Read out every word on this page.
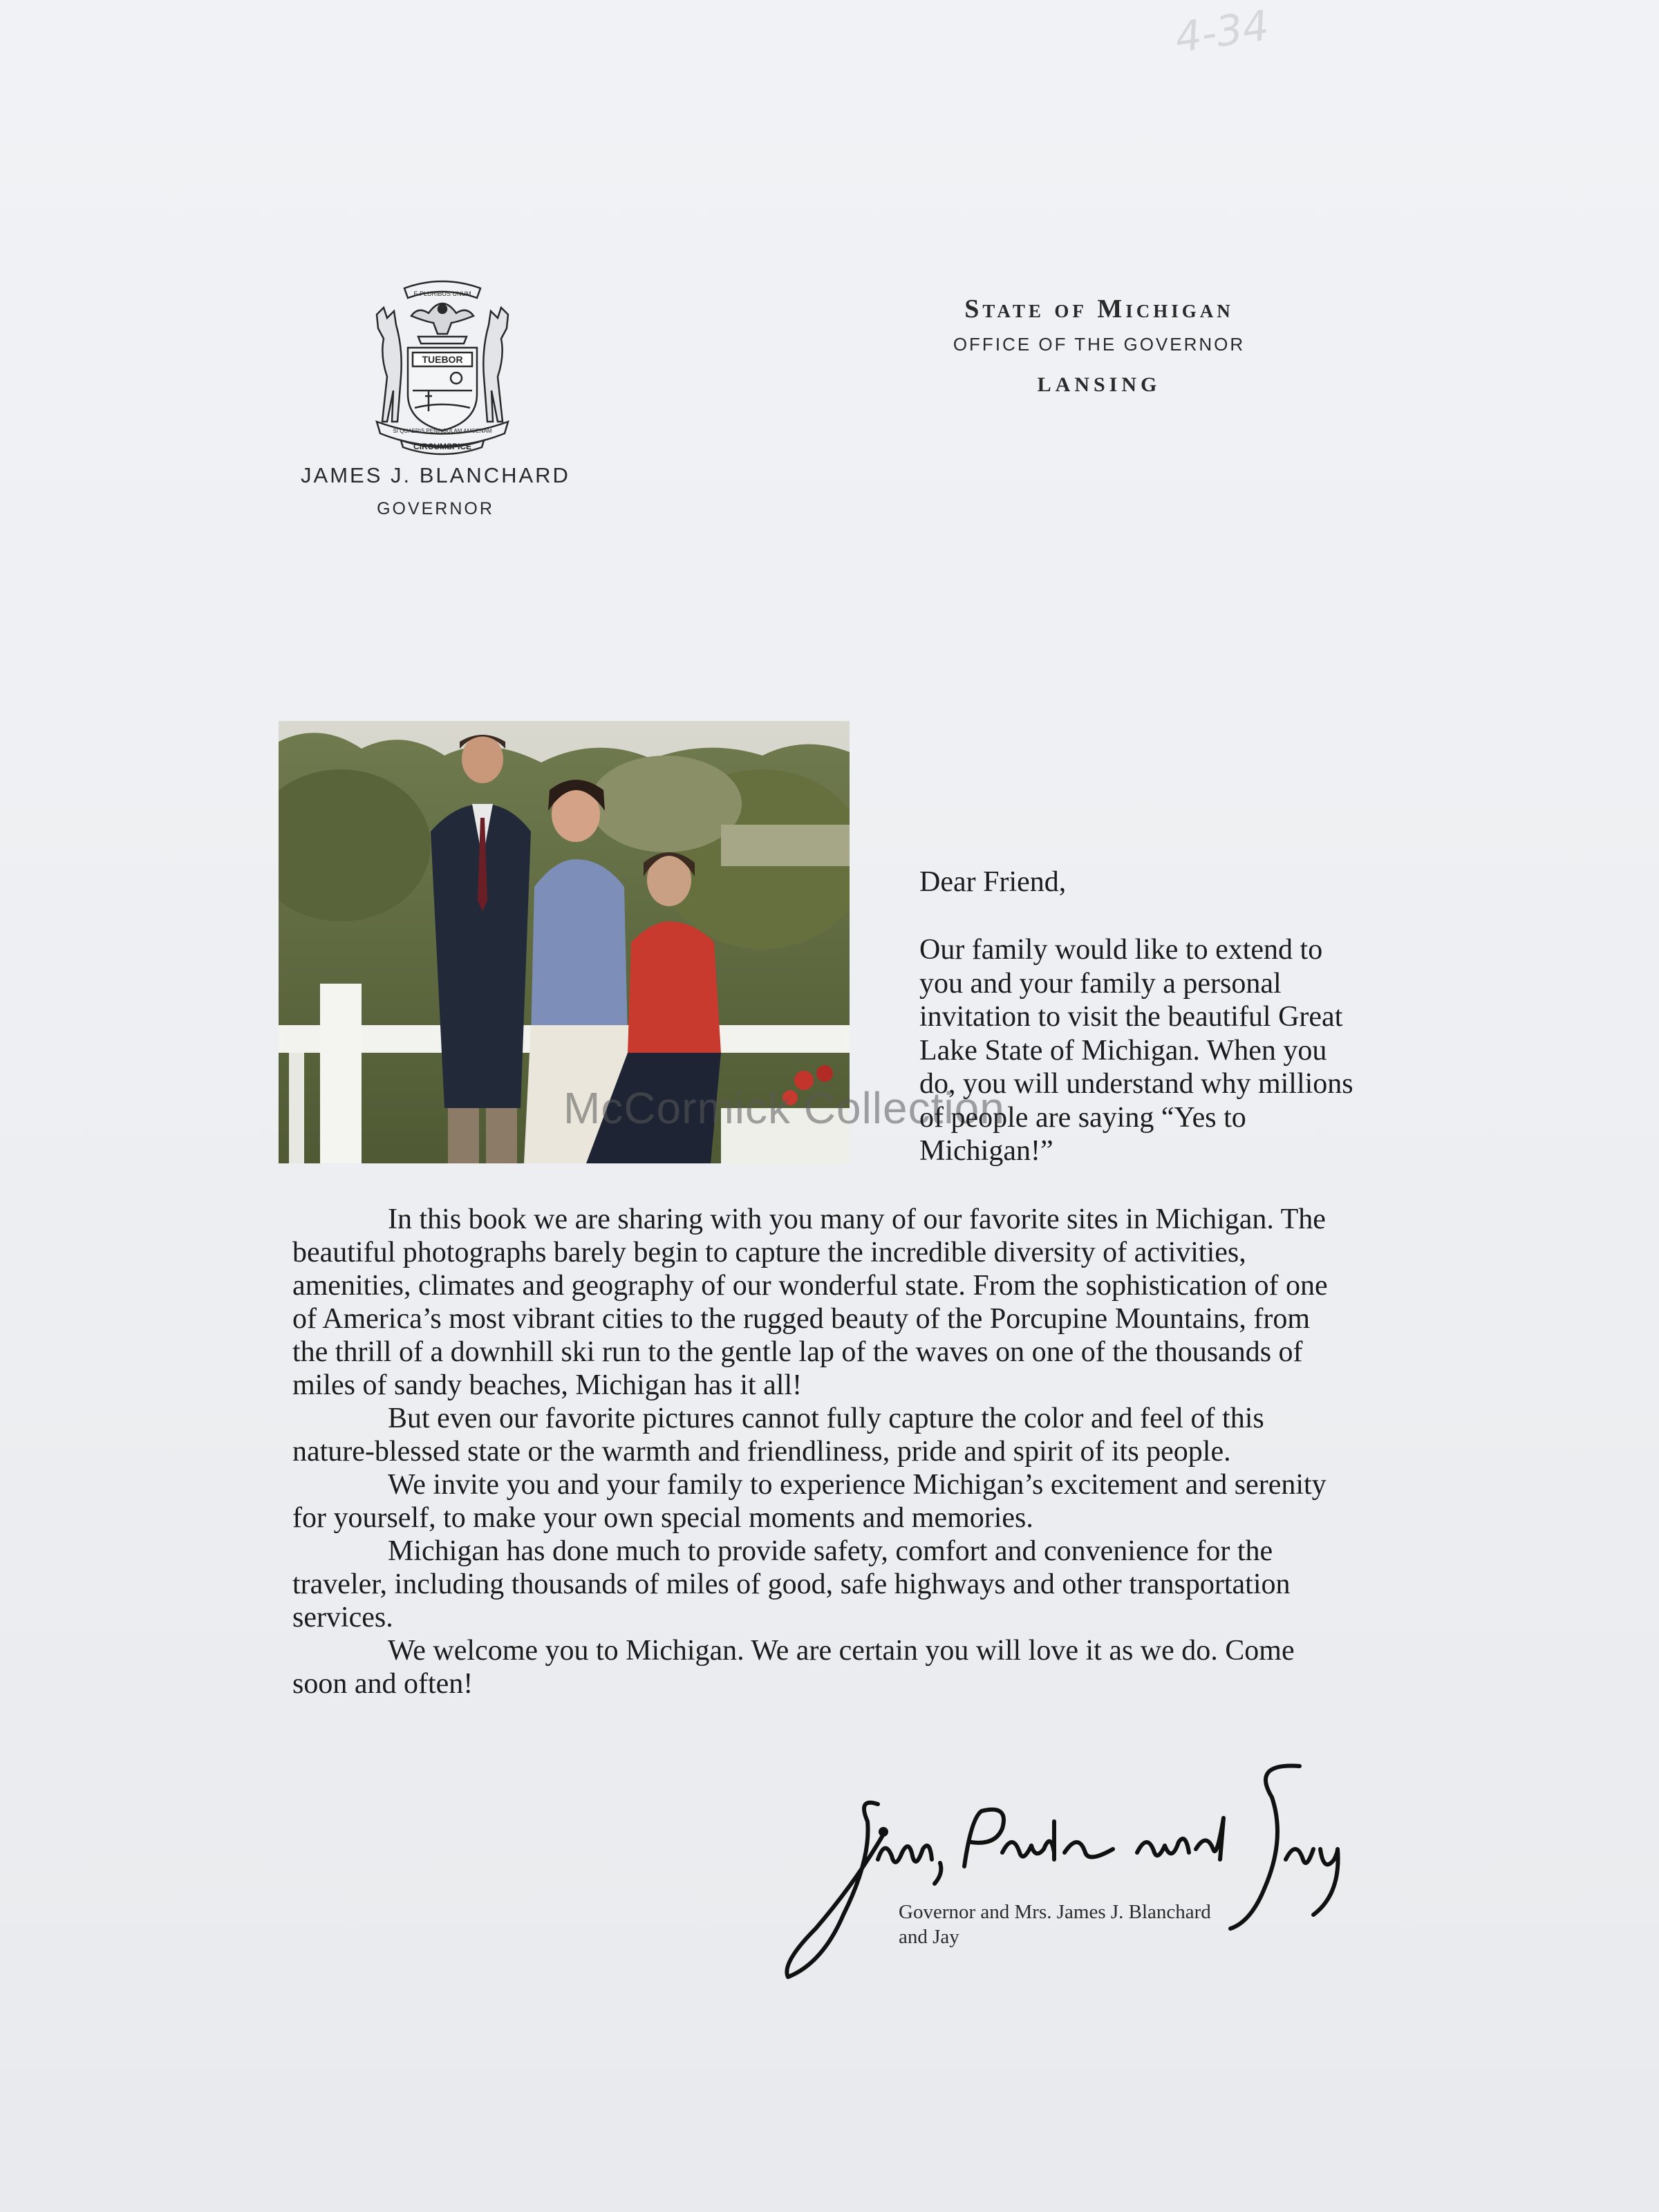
4-34
E PLURIBUS UNUM
TUEBOR
SI QUAERIS PENINSULAM AMOENAM
CIRCUMSPICE
JAMES J. BLANCHARD
GOVERNOR
State of Michigan
OFFICE OF THE GOVERNOR
LANSING
McCormick Collection
Dear Friend,
Our family would like to extend to you and your family a personal invitation to visit the beautiful Great Lake State of Michigan. When you do, you will understand why millions of people are saying “Yes to Michigan!”

In this book we are sharing with you many of our favorite sites in Michigan. The beautiful photographs barely begin to capture the incredible diversity of activities, amenities, climates and geography of our wonderful state. From the sophistication of one of America’s most vibrant cities to the rugged beauty of the Porcupine Mountains, from the thrill of a downhill ski run to the gentle lap of the waves on one of the thousands of miles of sandy beaches, Michigan has it all!

But even our favorite pictures cannot fully capture the color and feel of this nature-blessed state or the warmth and friendliness, pride and spirit of its people.

We invite you and your family to experience Michigan’s excitement and serenity for yourself, to make your own special moments and memories.

Michigan has done much to provide safety, comfort and convenience for the traveler, including thousands of miles of good, safe highways and other transportation services.

We welcome you to Michigan. We are certain you will love it as we do. Come soon and often!

Governor and Mrs. James J. Blanchard
and Jay
